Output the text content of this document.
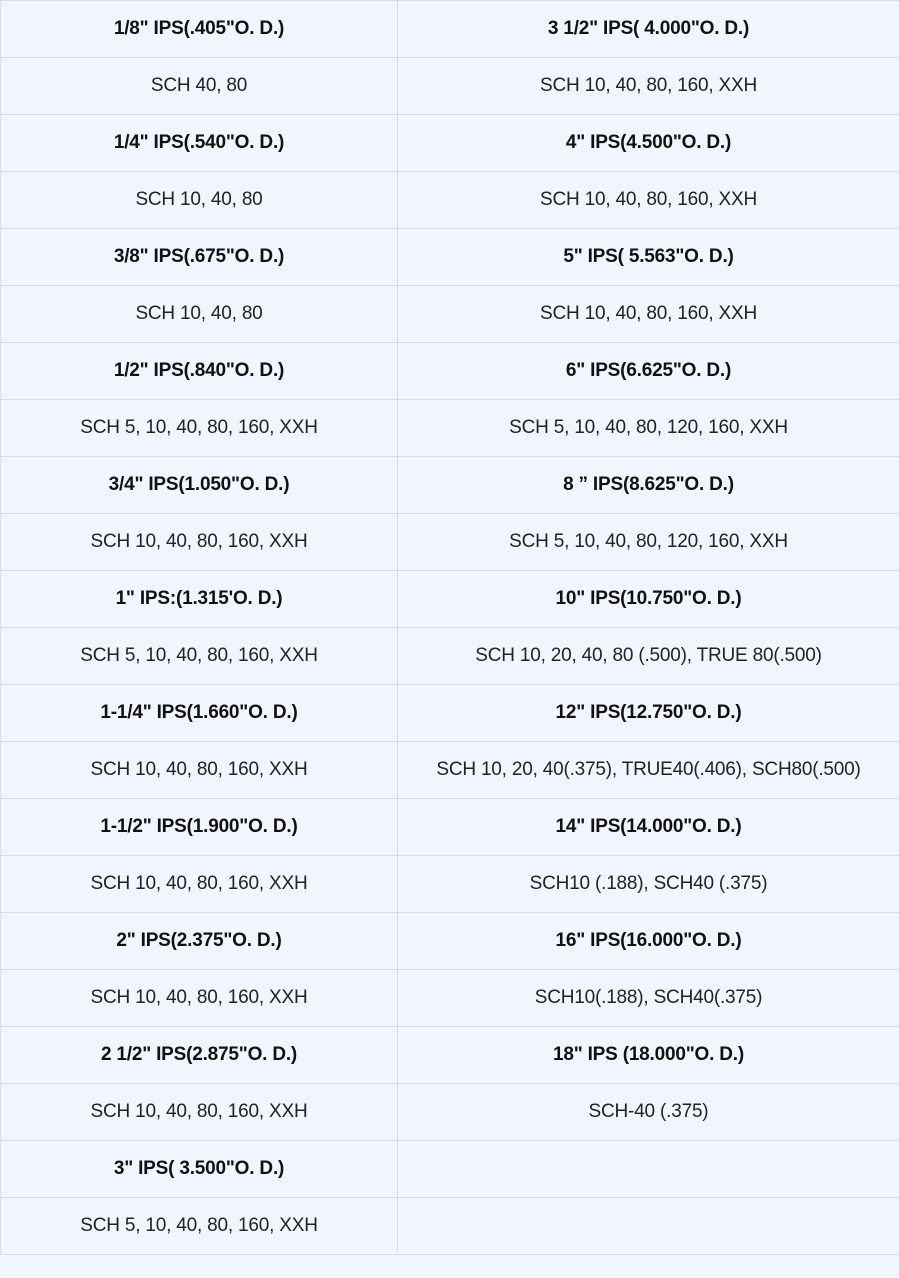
1/8" IPS(.405"O. D.)	3 1/2" IPS( 4.000"O. D.)
SCH 40, 80	SCH 10, 40, 80, 160, XXH
1/4" IPS(.540"O. D.)	4" IPS(4.500"O. D.)
SCH 10, 40, 80	SCH 10, 40, 80, 160, XXH
3/8" IPS(.675"O. D.)	5" IPS( 5.563"O. D.)
SCH 10, 40, 80	SCH 10, 40, 80, 160, XXH
1/2" IPS(.840"O. D.)	6" IPS(6.625"O. D.)
SCH 5, 10, 40, 80, 160, XXH	SCH 5, 10, 40, 80, 120, 160, XXH
3/4" IPS(1.050"O. D.)	8 ” IPS(8.625"O. D.)
SCH 10, 40, 80, 160, XXH	SCH 5, 10, 40, 80, 120, 160, XXH
1" IPS:(1.315'O. D.)	10" IPS(10.750"O. D.)
SCH 5, 10, 40, 80, 160, XXH	SCH 10, 20, 40, 80 (.500), TRUE 80(.500)
1-1/4" IPS(1.660"O. D.)	12" IPS(12.750"O. D.)
SCH 10, 40, 80, 160, XXH	SCH 10, 20, 40(.375), TRUE40(.406), SCH80(.500)
1-1/2" IPS(1.900"O. D.)	14" IPS(14.000"O. D.)
SCH 10, 40, 80, 160, XXH	SCH10 (.188), SCH40 (.375)
2" IPS(2.375"O. D.)	16" IPS(16.000"O. D.)
SCH 10, 40, 80, 160, XXH	SCH10(.188), SCH40(.375)
2 1/2" IPS(2.875"O. D.)	18" IPS (18.000"O. D.)
SCH 10, 40, 80, 160, XXH	SCH-40 (.375)
3" IPS( 3.500"O. D.)	
SCH 5, 10, 40, 80, 160, XXH	
